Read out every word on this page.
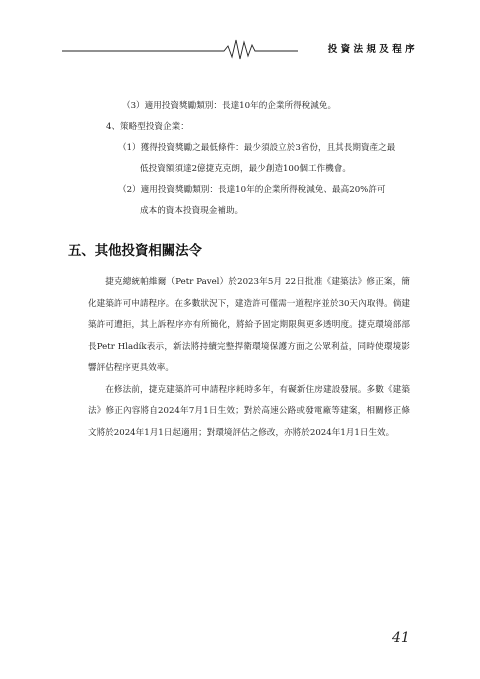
投資法規及程序
（3）適用投資獎勵類別：長達10年的企業所得稅減免。
4、策略型投資企業：
（1）獲得投資獎勵之最低條件：最少須設立於3省份，且其長期資產之最
低投資額須達2億捷克克朗，最少創造100個工作機會。
（2）適用投資獎勵類別：長達10年的企業所得稅減免、最高20%許可
成本的資本投資現金補助。
五、其他投資相關法令

捷克總統帕維爾（Petr Pavel）於2023年5月 22日批准《建築法》修正案，簡化建築許可申請程序。在多數狀況下，建造許可僅需一道程序並於30天內取得。倘建築許可遭拒，其上訴程序亦有所簡化，將給予固定期限與更多透明度。捷克環境部部長Petr Hladík表示，新法將持續完整捍衛環境保護方面之公眾利益，同時使環境影響評估程序更具效率。

在修法前，捷克建築許可申請程序耗時多年，有礙新住房建設發展。多數《建築法》修正內容將自2024年7月1日生效；對於高速公路或發電廠等建案，相關修正條文將於2024年1月1日起適用；對環境評估之修改，亦將於2024年1月1日生效。

41
